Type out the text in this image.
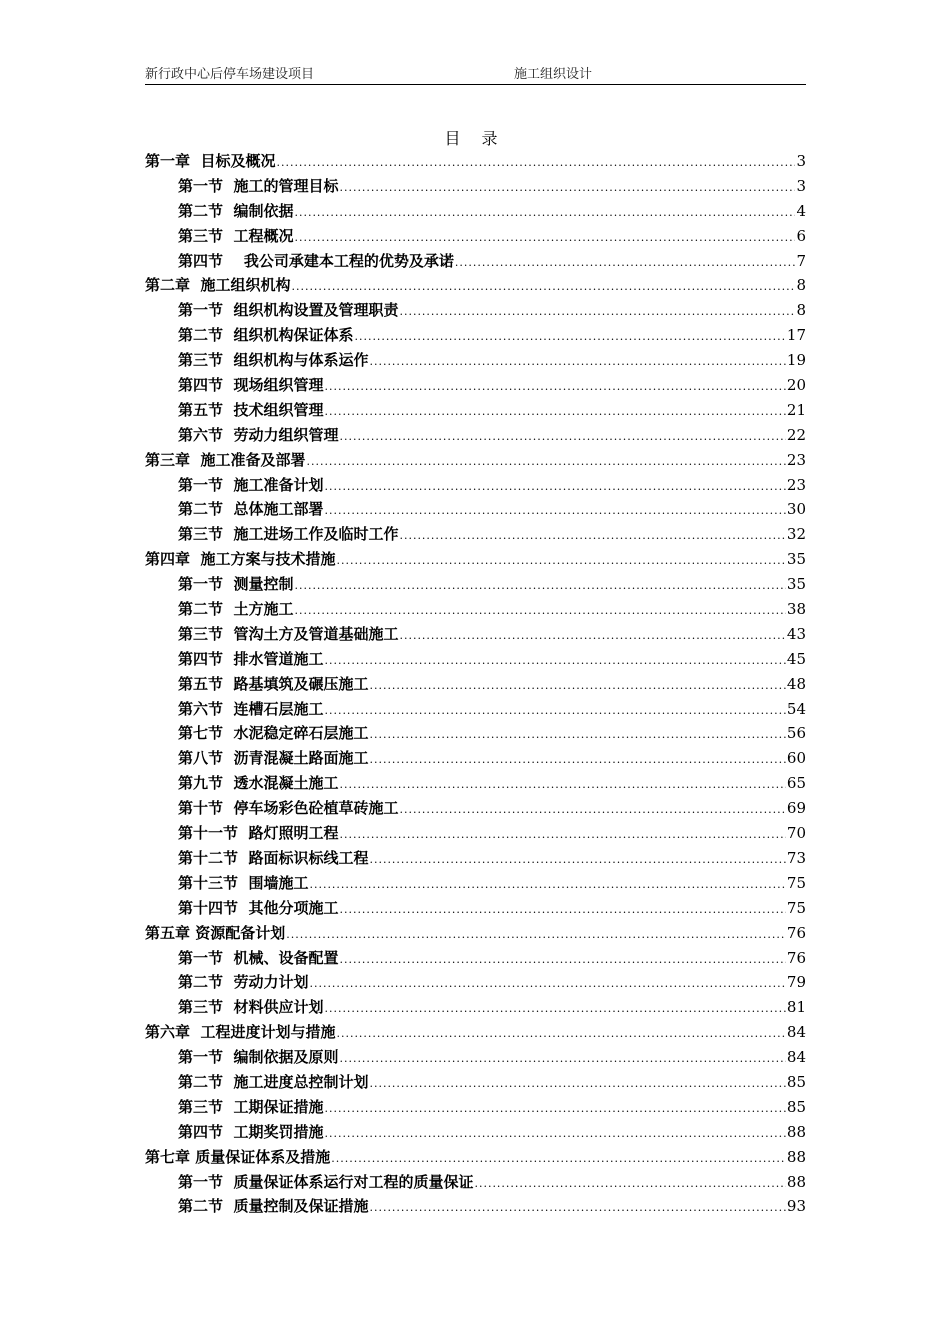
新行政中心后停车场建设项目	施工组织设计
目 录
第一章  目标及概况 .....	3
第一节  施工的管理目标 .....	3
第二节  编制依据 .....	4
第三节  工程概况 .....	6
第四节    我公司承建本工程的优势及承诺 .....	7
第二章  施工组织机构 .....	8
第一节  组织机构设置及管理职责 .....	8
第二节  组织机构保证体系 .....	17
第三节  组织机构与体系运作 .....	19
第四节  现场组织管理 .....	20
第五节  技术组织管理 .....	21
第六节  劳动力组织管理 .....	22
第三章  施工准备及部署 .....	23
第一节  施工准备计划 .....	23
第二节  总体施工部署 .....	30
第三节  施工进场工作及临时工作 .....	32
第四章  施工方案与技术措施 .....	35
第一节  测量控制 .....	35
第二节  土方施工 .....	38
第三节  管沟土方及管道基础施工 .....	43
第四节  排水管道施工 .....	45
第五节  路基填筑及碾压施工 .....	48
第六节  连槽石层施工 .....	54
第七节  水泥稳定碎石层施工 .....	56
第八节  沥青混凝土路面施工 .....	60
第九节  透水混凝土施工 .....	65
第十节  停车场彩色砼植草砖施工 .....	69
第十一节  路灯照明工程 .....	70
第十二节  路面标识标线工程 .....	73
第十三节  围墙施工 .....	75
第十四节  其他分项施工 .....	75
第五章 资源配备计划 .....	76
第一节  机械、设备配置 .....	76
第二节  劳动力计划 .....	79
第三节  材料供应计划 .....	81
第六章  工程进度计划与措施 .....	84
第一节  编制依据及原则 .....	84
第二节  施工进度总控制计划 .....	85
第三节  工期保证措施 .....	85
第四节  工期奖罚措施 .....	88
第七章 质量保证体系及措施 .....	88
第一节  质量保证体系运行对工程的质量保证 .....	88
第二节  质量控制及保证措施 .....	93
